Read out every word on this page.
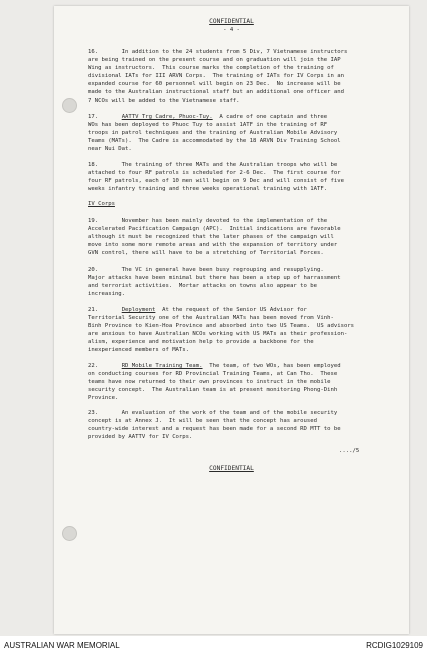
CONFIDENTIAL
- 4 -
16.       In addition to the 24 students from 5 Div, 7 Vietnamese instructors
are being trained on the present course and on graduation will join the IAP
Wing as instructors.  This course marks the completion of the training of
divisional IATs for III ARVN Corps.  The training of IATs for IV Corps in an
expanded course for 60 personnel will begin on 23 Dec.  No increase will be
made to the Australian instructional staff but an additional one officer and
7 NCOs will be added to the Vietnamese staff.
17.       AATTV Trg Cadre, Phuoc-Tuy.  A cadre of one captain and three
WOs has been deployed to Phuoc Tuy to assist 1ATF in the training of RF
troops in patrol techniques and the training of Australian Mobile Advisory
Teams (MATs).  The Cadre is accommodated by the 18 ARVN Div Training School
near Nui Dat.
18.       The training of three MATs and the Australian troops who will be
attached to four RF patrols is scheduled for 2-6 Dec.  The first course for
four RF patrols, each of 10 men will begin on 9 Dec and will consist of five
weeks infantry training and three weeks operational training with 1ATF.
IV Corps
19.       November has been mainly devoted to the implementation of the
Accelerated Pacification Campaign (APC).  Initial indications are favorable
although it must be recognized that the later phases of the campaign will
move into some more remote areas and with the expansion of territory under
GVN control, there will have to be a stretching of Territorial Forces.
20.       The VC in general have been busy regrouping and resupplying.
Major attacks have been minimal but there has been a step up of harrassment
and terrorist activities.  Mortar attacks on towns also appear to be
increasing.
21.       Deployment  At the request of the Senior US Advisor for
Territorial Security one of the Australian MATs has been moved from Vinh-
Binh Province to Kien-Hoa Province and absorbed into two US Teams.  US advisors
are anxious to have Australian NCOs working with US MATs as their profession-
alism, experience and motivation help to provide a backbone for the
inexperienced members of MATs.
22.       RD Mobile Training Team.  The team, of two WOs, has been employed
on conducting courses for RD Provincial Training Teams, at Can Tho.  These
teams have now returned to their own provinces to instruct in the mobile
security concept.  The Australian team is at present monitoring Phong-Dinh
Province.
23.       An evaluation of the work of the team and of the mobile security
concept is at Annex J.  It will be seen that the concept has aroused
country-wide interest and a request has been made for a second RD MTT to be
provided by AATTV for IV Corps.
..../5
CONFIDENTIAL
AUSTRALIAN WAR MEMORIAL	RCDIG1029109
